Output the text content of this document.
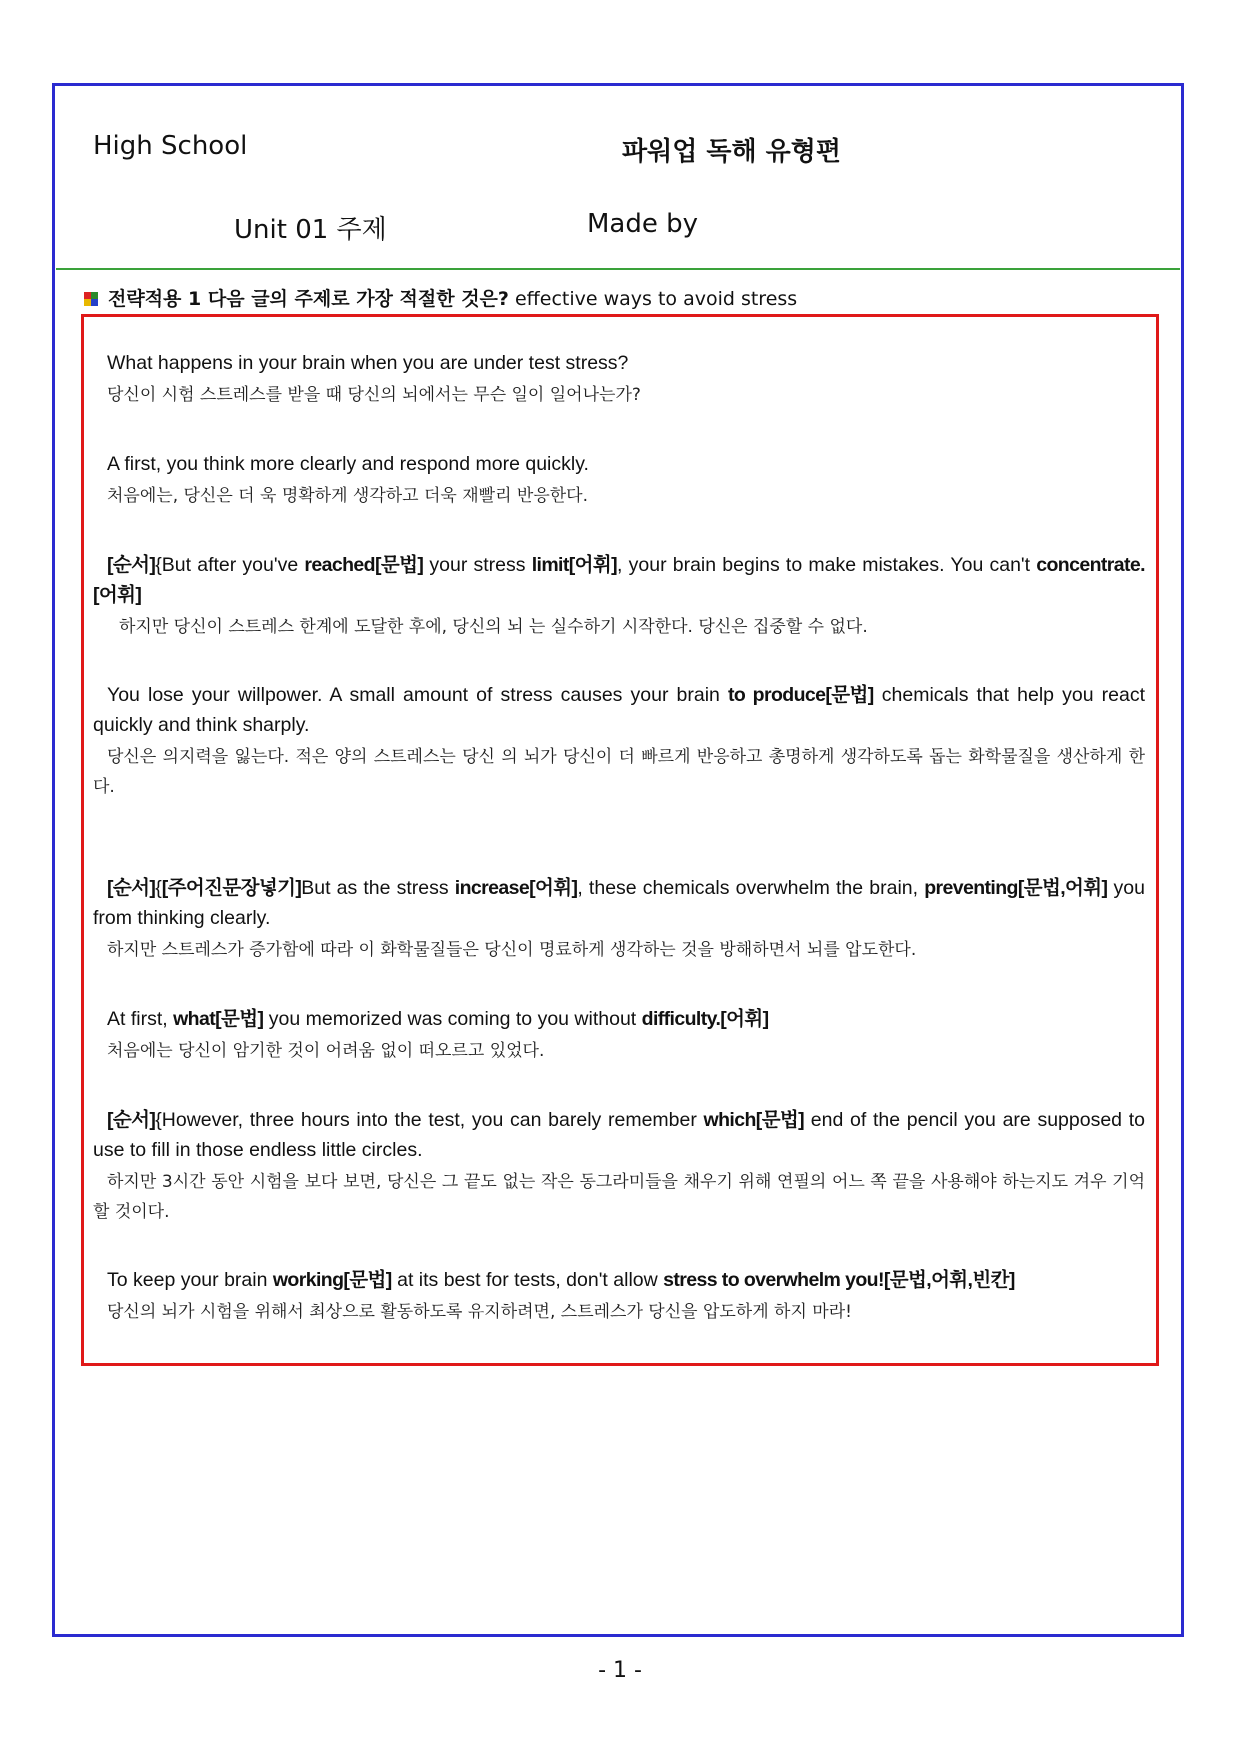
High School	파워업 독해 유형편
Unit 01 주제	Made by
전략적용 1 다음 글의 주제로 가장 적절한 것은? effective ways to avoid stress

What happens in your brain when you are under test stress?

당신이 시험 스트레스를 받을 때 당신의 뇌에서는 무슨 일이 일어나는가?

A first, you think more clearly and respond more quickly.

처음에는, 당신은 더 욱 명확하게 생각하고 더욱 재빨리 반응한다.

[순서]{But after you've reached[문법] your stress limit[어휘], your brain begins to make mistakes. You can't concentrate.[어휘]

하지만 당신이 스트레스 한계에 도달한 후에, 당신의 뇌 는 실수하기 시작한다. 당신은 집중할 수 없다.

You lose your willpower. A small amount of stress causes your brain to produce[문법] chemicals that help you react quickly and think sharply.

당신은 의지력을 잃는다. 적은 양의 스트레스는 당신 의 뇌가 당신이 더 빠르게 반응하고 총명하게 생각하도록 돕는 화학물질을 생산하게 한다.

[순서]{[주어진문장넣기]But as the stress increase[어휘], these chemicals overwhelm the brain, preventing[문법,어휘] you from thinking clearly.

하지만 스트레스가 증가함에 따라 이 화학물질들은 당신이 명료하게 생각하는 것을 방해하면서 뇌를 압도한다.

At first, what[문법] you memorized was coming to you without difficulty.[어휘]

처음에는 당신이 암기한 것이 어려움 없이 떠오르고 있었다.

[순서]{However, three hours into the test, you can barely remember which[문법] end of the pencil you are supposed to use to fill in those endless little circles.

하지만 3시간 동안 시험을 보다 보면, 당신은 그 끝도 없는 작은 동그라미들을 채우기 위해 연필의 어느 쪽 끝을 사용해야 하는지도 겨우 기억 할 것이다.

To keep your brain working[문법] at its best for tests, don't allow stress to overwhelm you![문법,어휘,빈칸]

당신의 뇌가 시험을 위해서 최상으로 활동하도록 유지하려면, 스트레스가 당신을 압도하게 하지 마라!

- 1 -
